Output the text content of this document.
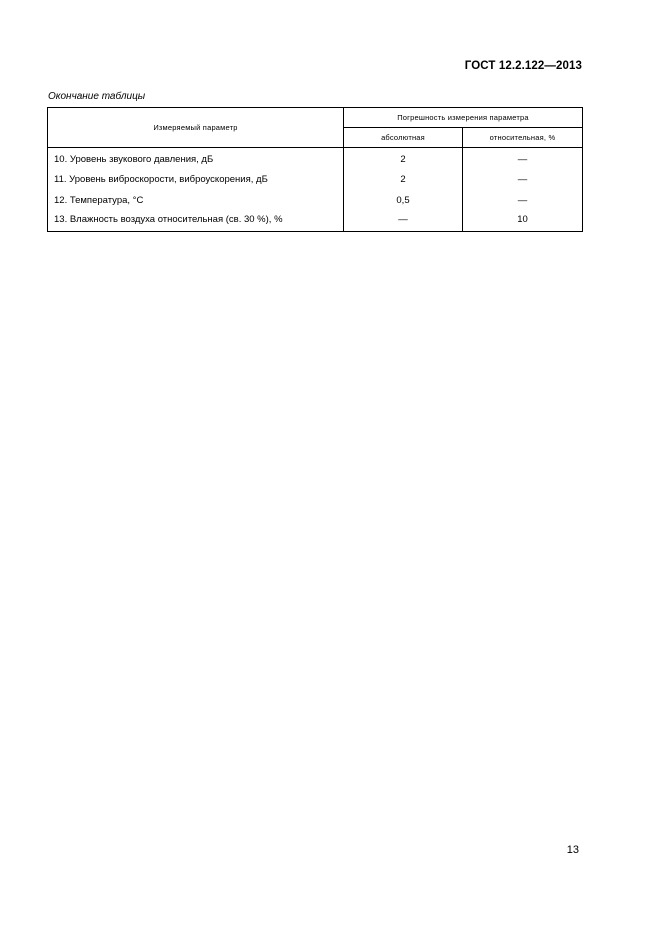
ГОСТ 12.2.122—2013
Окончание таблицы
Измеряемый параметр	Погрешность измерения параметра	
	абсолютная	относительная, %
10. Уровень звукового давления, дБ	2	—
11. Уровень виброскорости, виброускорения, дБ	2	—
12. Температура, °С	0,5	—
13. Влажность воздуха относительная (св. 30 %), %	—	10
13
